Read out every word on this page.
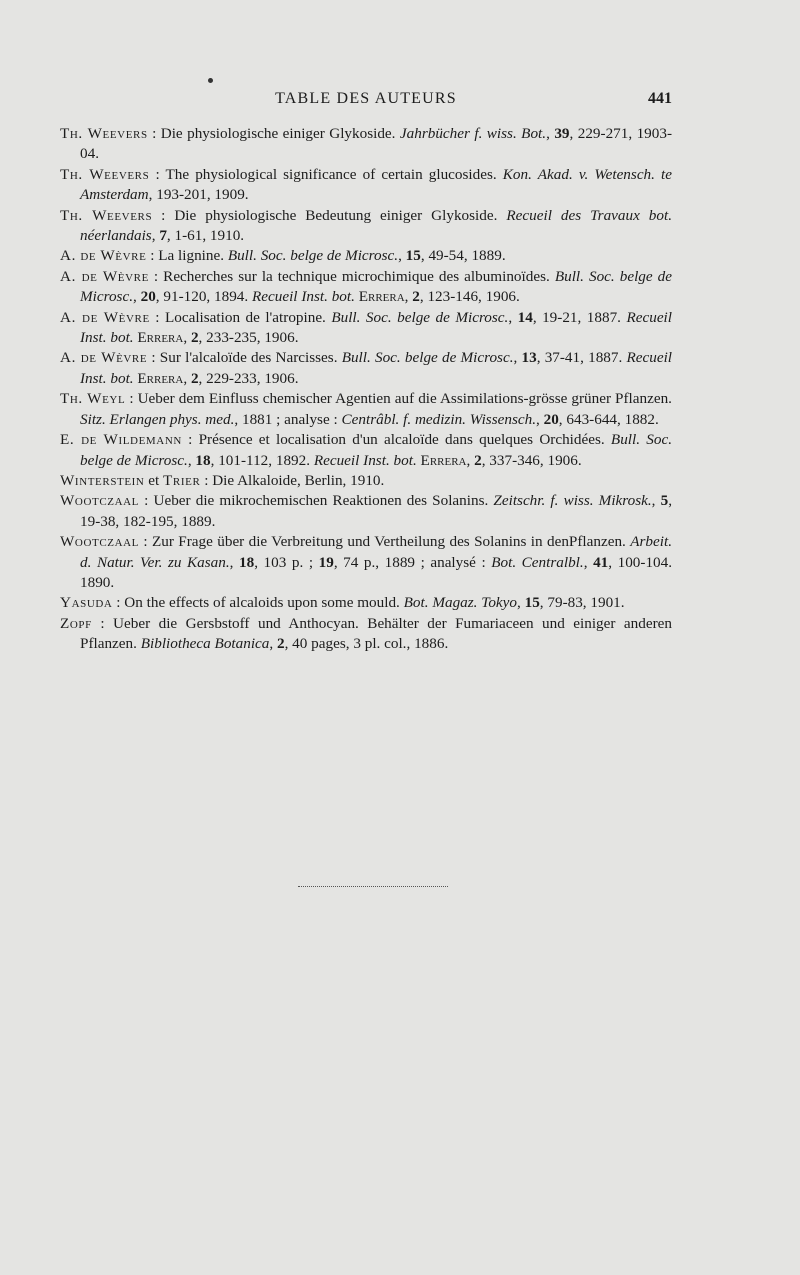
TABLE DES AUTEURS	441

Th. Weevers : Die physiologische einiger Glykoside. Jahrbücher f. wiss. Bot., 39, 229-271, 1903-04.

Th. Weevers : The physiological significance of certain glucosides. Kon. Akad. v. Wetensch. te Amsterdam, 193-201, 1909.

Th. Weevers : Die physiologische Bedeutung einiger Glykoside. Recueil des Travaux bot. néerlandais, 7, 1-61, 1910.

A. de Wèvre : La lignine. Bull. Soc. belge de Microsc., 15, 49-54, 1889.

A. de Wèvre : Recherches sur la technique microchimique des albuminoïdes. Bull. Soc. belge de Microsc., 20, 91-120, 1894. Recueil Inst. bot. Errera, 2, 123-146, 1906.

A. de Wèvre : Localisation de l'atropine. Bull. Soc. belge de Microsc., 14, 19-21, 1887. Recueil Inst. bot. Errera, 2, 233-235, 1906.

A. de Wèvre : Sur l'alcaloïde des Narcisses. Bull. Soc. belge de Microsc., 13, 37-41, 1887. Recueil Inst. bot. Errera, 2, 229-233, 1906.

Th. Weyl : Ueber dem Einfluss chemischer Agentien auf die Assimilations-grösse grüner Pflanzen. Sitz. Erlangen phys. med., 1881 ; analyse : Centrâbl. f. medizin. Wissensch., 20, 643-644, 1882.

E. de Wildemann : Présence et localisation d'un alcaloïde dans quelques Orchidées. Bull. Soc. belge de Microsc., 18, 101-112, 1892. Recueil Inst. bot. Errera, 2, 337-346, 1906.

Winterstein et Trier : Die Alkaloide, Berlin, 1910.

Wootczaal : Ueber die mikrochemischen Reaktionen des Solanins. Zeitschr. f. wiss. Mikrosk., 5, 19-38, 182-195, 1889.

Wootczaal : Zur Frage über die Verbreitung und Vertheilung des Solanins in denPflanzen. Arbeit. d. Natur. Ver. zu Kasan., 18, 103 p. ; 19, 74 p., 1889 ; analysé : Bot. Centralbl., 41, 100-104. 1890.

Yasuda : On the effects of alcaloids upon some mould. Bot. Magaz. Tokyo, 15, 79-83, 1901.

Zopf : Ueber die Gersbstoff und Anthocyan. Behälter der Fumariaceen und einiger anderen Pflanzen. Bibliotheca Botanica, 2, 40 pages, 3 pl. col., 1886.
